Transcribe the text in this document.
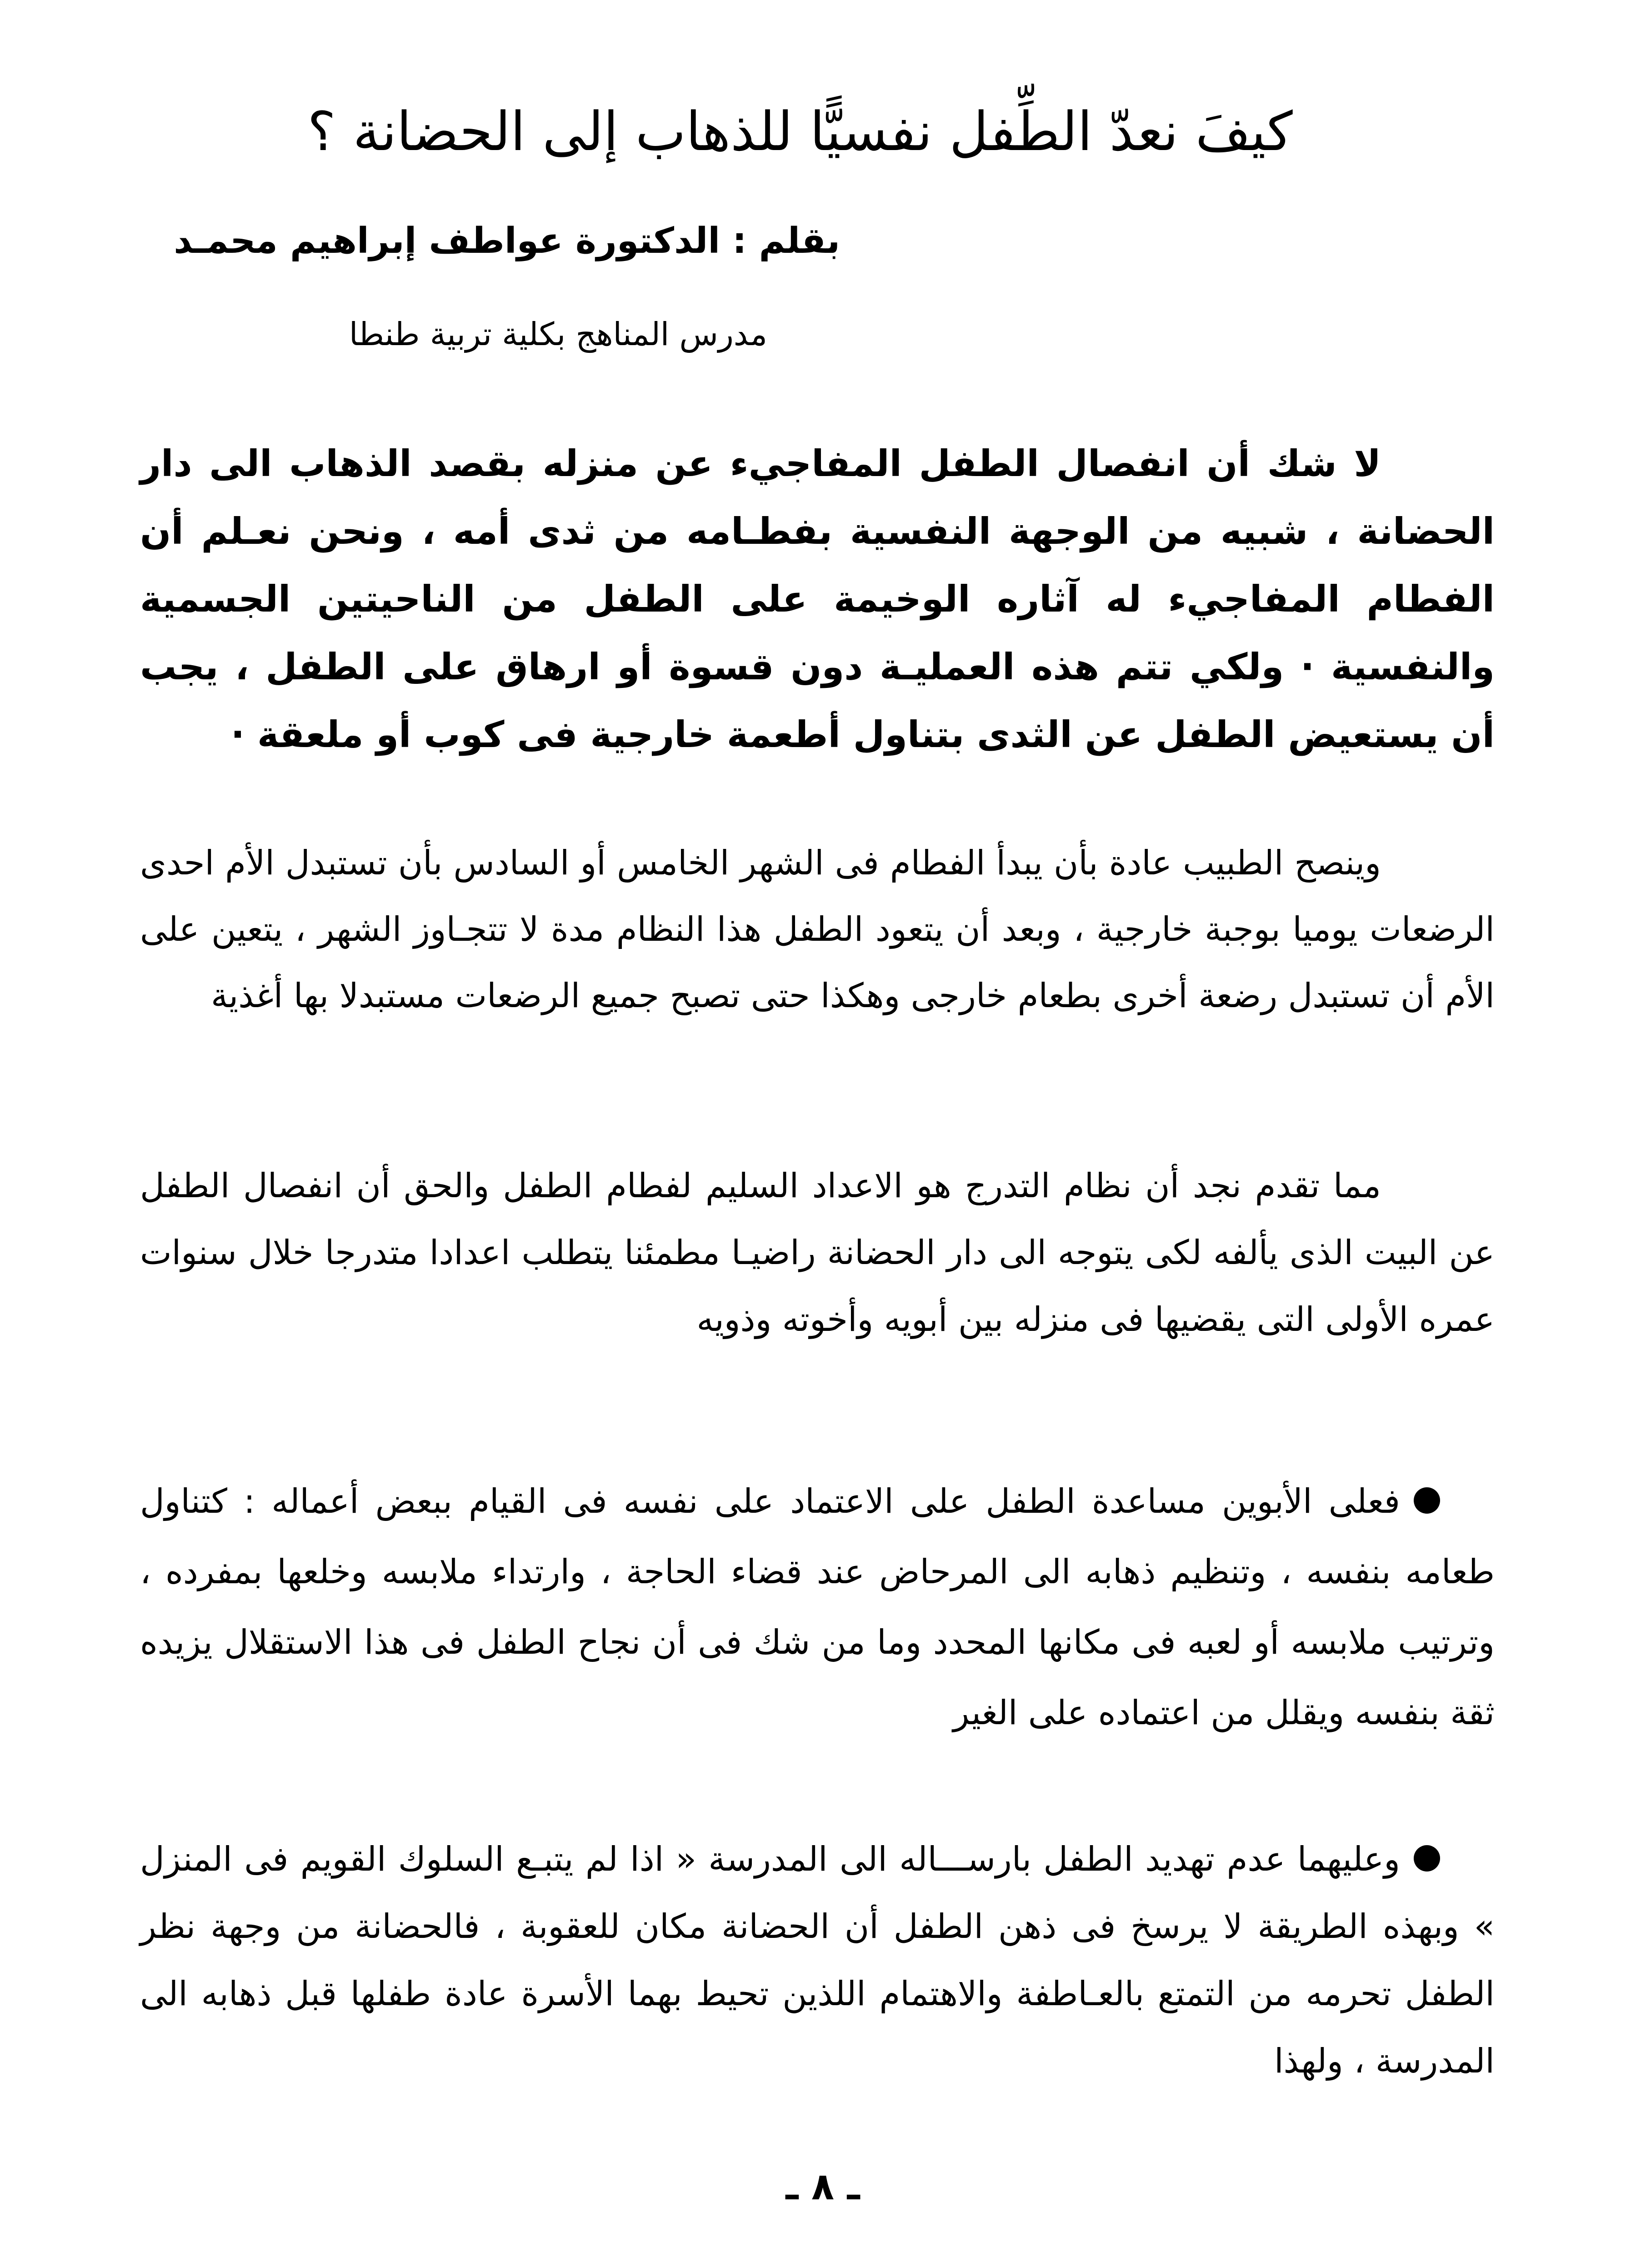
كيفَ نعدّ الطِّفل نفسيًّا للذهاب إلى الحضانة ؟
بقلم : الدكتورة عواطف إبراهيم محمـد
مدرس المناهج بكلية تربية طنطا

لا شك أن انفصال الطفل المفاجيء عن منزله بقصد الذهاب الى دار الحضانة ، شبيه من الوجهة النفسية بفطـامه من ثدى أمه ، ونحن نعـلم أن الفطام المفاجيء له آثاره الوخيمة على الطفل من الناحيتين الجسمية والنفسية · ولكي تتم هذه العمليـة دون قسوة أو ارهاق على الطفل ، يجب أن يستعيض الطفل عن الثدى بتناول أطعمة خارجية فى كوب أو ملعقة ·

وينصح الطبيب عادة بأن يبدأ الفطام فى الشهر الخامس أو السادس بأن تستبدل الأم احدى الرضعات يوميا بوجبة خارجية ، وبعد أن يتعود الطفل هذا النظام مدة لا تتجـاوز الشهر ، يتعين على الأم أن تستبدل رضعة أخرى بطعام خارجى وهكذا حتى تصبح جميع الرضعات مستبدلا بها أغذية

مما تقدم نجد أن نظام التدرج هو الاعداد السليم لفطام الطفل والحق أن انفصال الطفل عن البيت الذى يألفه لكى يتوجه الى دار الحضانة راضيـا مطمئنا يتطلب اعدادا متدرجا خلال سنوات عمره الأولى التى يقضيها فى منزله بين أبويه وأخوته وذويه

فعلى الأبوين مساعدة الطفل على الاعتماد على نفسه فى القيام ببعض أعماله : كتناول طعامه بنفسه ، وتنظيم ذهابه الى المرحاض عند قضاء الحاجة ، وارتداء ملابسه وخلعها بمفرده ، وترتيب ملابسه أو لعبه فى مكانها المحدد وما من شك فى أن نجاح الطفل فى هذا الاستقلال يزيده ثقة بنفسه ويقلل من اعتماده على الغير

وعليهما عدم تهديد الطفل بارســـاله الى المدرسة « اذا لم يتبـع السلوك القويم فى المنزل » وبهذه الطريقة لا يرسخ فى ذهن الطفل أن الحضانة مكان للعقوبة ، فالحضانة من وجهة نظر الطفل تحرمه من التمتع بالعـاطفة والاهتمام اللذين تحيط بهما الأسرة عادة طفلها قبل ذهابه الى المدرسة ، ولهذا

ـ ٨ ـ
